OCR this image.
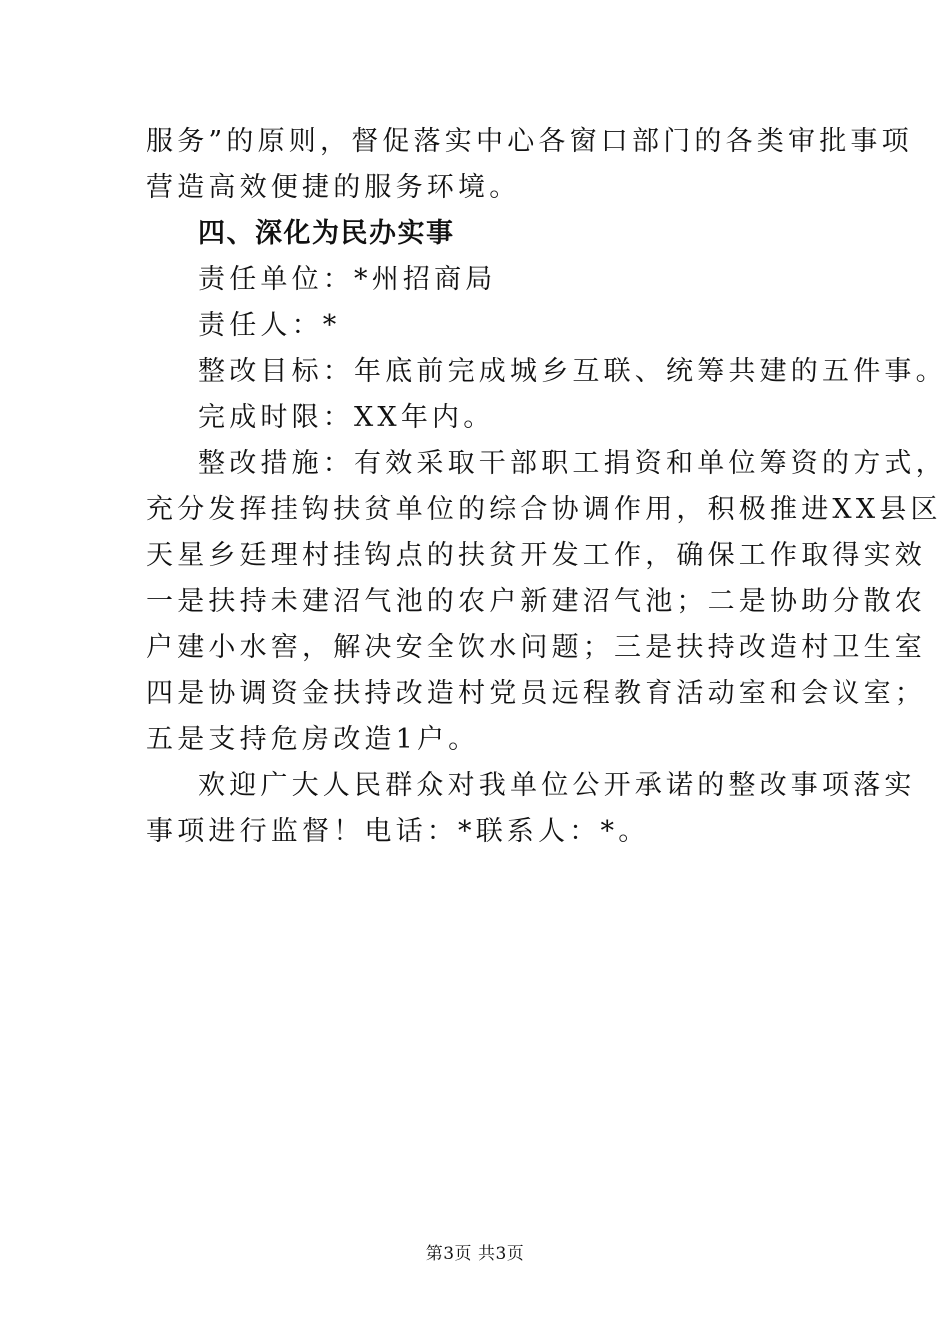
服务”的原则，督促落实中心各窗口部门的各类审批事项
营造高效便捷的服务环境。
四、深化为民办实事
责任单位：*州招商局
责任人：*
整改目标：年底前完成城乡互联、统筹共建的五件事。
完成时限：XX年内。
整改措施：有效采取干部职工捐资和单位筹资的方式，
充分发挥挂钩扶贫单位的综合协调作用，积极推进XX县区
天星乡廷理村挂钩点的扶贫开发工作，确保工作取得实效
一是扶持未建沼气池的农户新建沼气池；二是协助分散农
户建小水窖，解决安全饮水问题；三是扶持改造村卫生室
四是协调资金扶持改造村党员远程教育活动室和会议室；
五是支持危房改造1户。
欢迎广大人民群众对我单位公开承诺的整改事项落实
事项进行监督！电话：*联系人：*。
第3页 共3页
